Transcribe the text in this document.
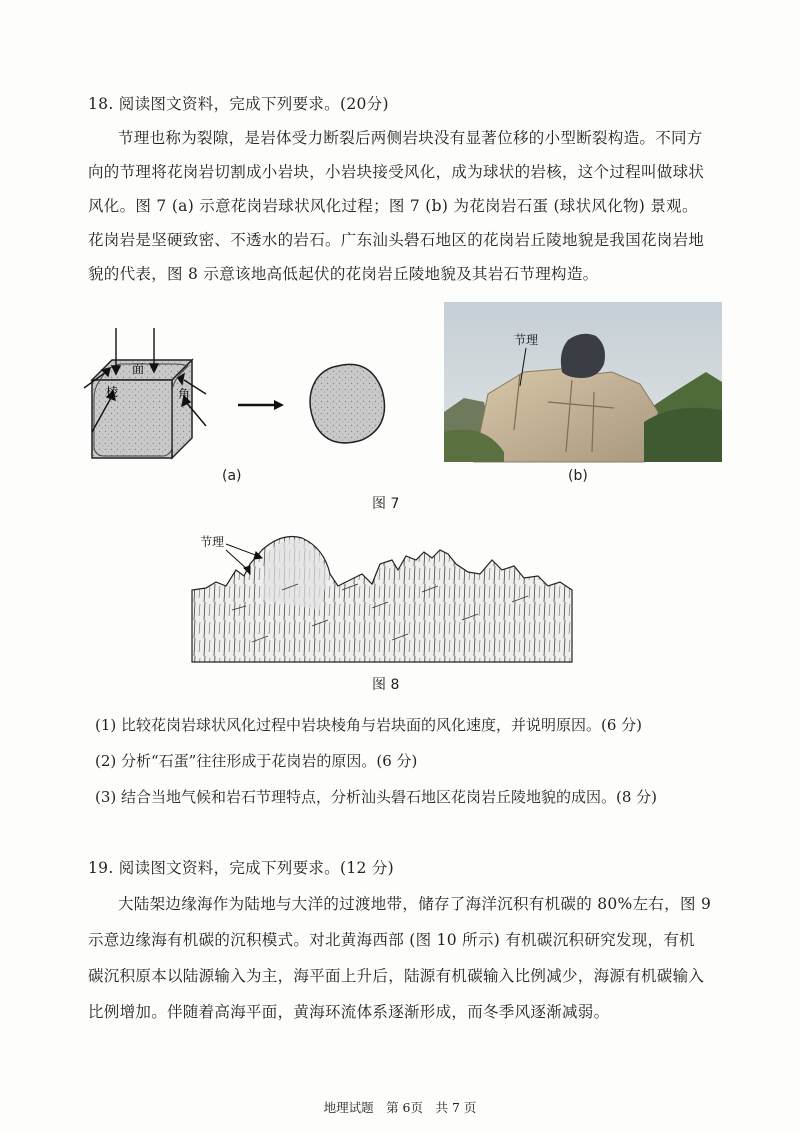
18. 阅读图文资料，完成下列要求。(20分)
节理也称为裂隙，是岩体受力断裂后两侧岩块没有显著位移的小型断裂构造。不同方
向的节理将花岗岩切割成小岩块，小岩块接受风化，成为球状的岩核，这个过程叫做球状
风化。图 7 (a) 示意花岗岩球状风化过程；图 7 (b) 为花岗岩石蛋 (球状风化物) 景观。
花岗岩是坚硬致密、不透水的岩石。广东汕头礐石地区的花岗岩丘陵地貌是我国花岗岩地
貌的代表，图 8 示意该地高低起伏的花岗岩丘陵地貌及其岩石节理构造。
面
棱	角
(a)
节理
(b)
图 7
节理
图 8
(1) 比较花岗岩球状风化过程中岩块棱角与岩块面的风化速度，并说明原因。(6 分)
(2) 分析“石蛋”往往形成于花岗岩的原因。(6 分)
(3) 结合当地气候和岩石节理特点，分析汕头礐石地区花岗岩丘陵地貌的成因。(8 分)
19. 阅读图文资料，完成下列要求。(12 分)
大陆架边缘海作为陆地与大洋的过渡地带，储存了海洋沉积有机碳的 80%左右，图 9
示意边缘海有机碳的沉积模式。对北黄海西部 (图 10 所示) 有机碳沉积研究发现，有机
碳沉积原本以陆源输入为主，海平面上升后，陆源有机碳输入比例减少，海源有机碳输入
比例增加。伴随着高海平面，黄海环流体系逐渐形成，而冬季风逐渐减弱。
地理试题　第 6页　共 7 页
